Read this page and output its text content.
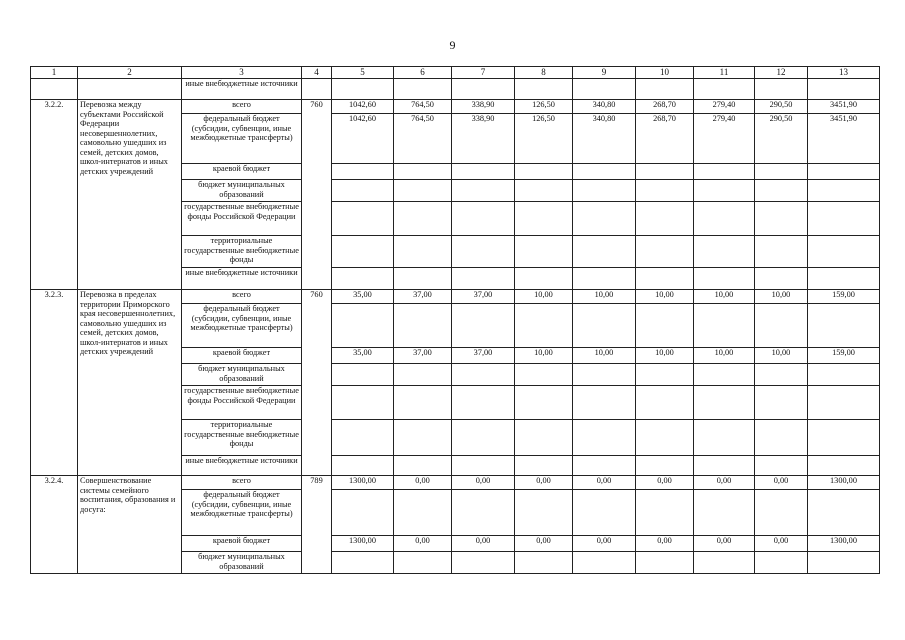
9
1	2	3	4	5	6	7	8	9	10	11	12	13
		иные внебюджетные источники										
3.2.2.	Перевозка между субъектами Российской Федерации несовершеннолетних, самовольно ушедших из семей, детских домов, школ-интернатов и иных детских учреждений	всего	760	1042,60	764,50	338,90	126,50	340,80	268,70	279,40	290,50	3451,90
		федеральный бюджет (субсидии, субвенции, иные межбюджетные трансферты)		1042,60	764,50	338,90	126,50	340,80	268,70	279,40	290,50	3451,90
		краевой бюджет										
		бюджет муниципальных образований										
		государственные внебюджетные фонды Российской Федерации										
		территориальные государственные внебюджетные фонды										
		иные внебюджетные источники										
3.2.3.	Перевозка в пределах территории Приморского края несовершеннолетних, самовольно ушедших из семей, детских домов, школ-интернатов и иных детских учреждений	всего	760	35,00	37,00	37,00	10,00	10,00	10,00	10,00	10,00	159,00
		федеральный бюджет (субсидии, субвенции, иные межбюджетные трансферты)										
		краевой бюджет		35,00	37,00	37,00	10,00	10,00	10,00	10,00	10,00	159,00
		бюджет муниципальных образований										
		государственные внебюджетные фонды Российской Федерации										
		территориальные государственные внебюджетные фонды										
		иные внебюджетные источники										
3.2.4.	Совершенствование системы семейного воспитания, образования и досуга:	всего	789	1300,00	0,00	0,00	0,00	0,00	0,00	0,00	0,00	1300,00
		федеральный бюджет (субсидии, субвенции, иные межбюджетные трансферты)										
		краевой бюджет		1300,00	0,00	0,00	0,00	0,00	0,00	0,00	0,00	1300,00
		бюджет муниципальных образований										
